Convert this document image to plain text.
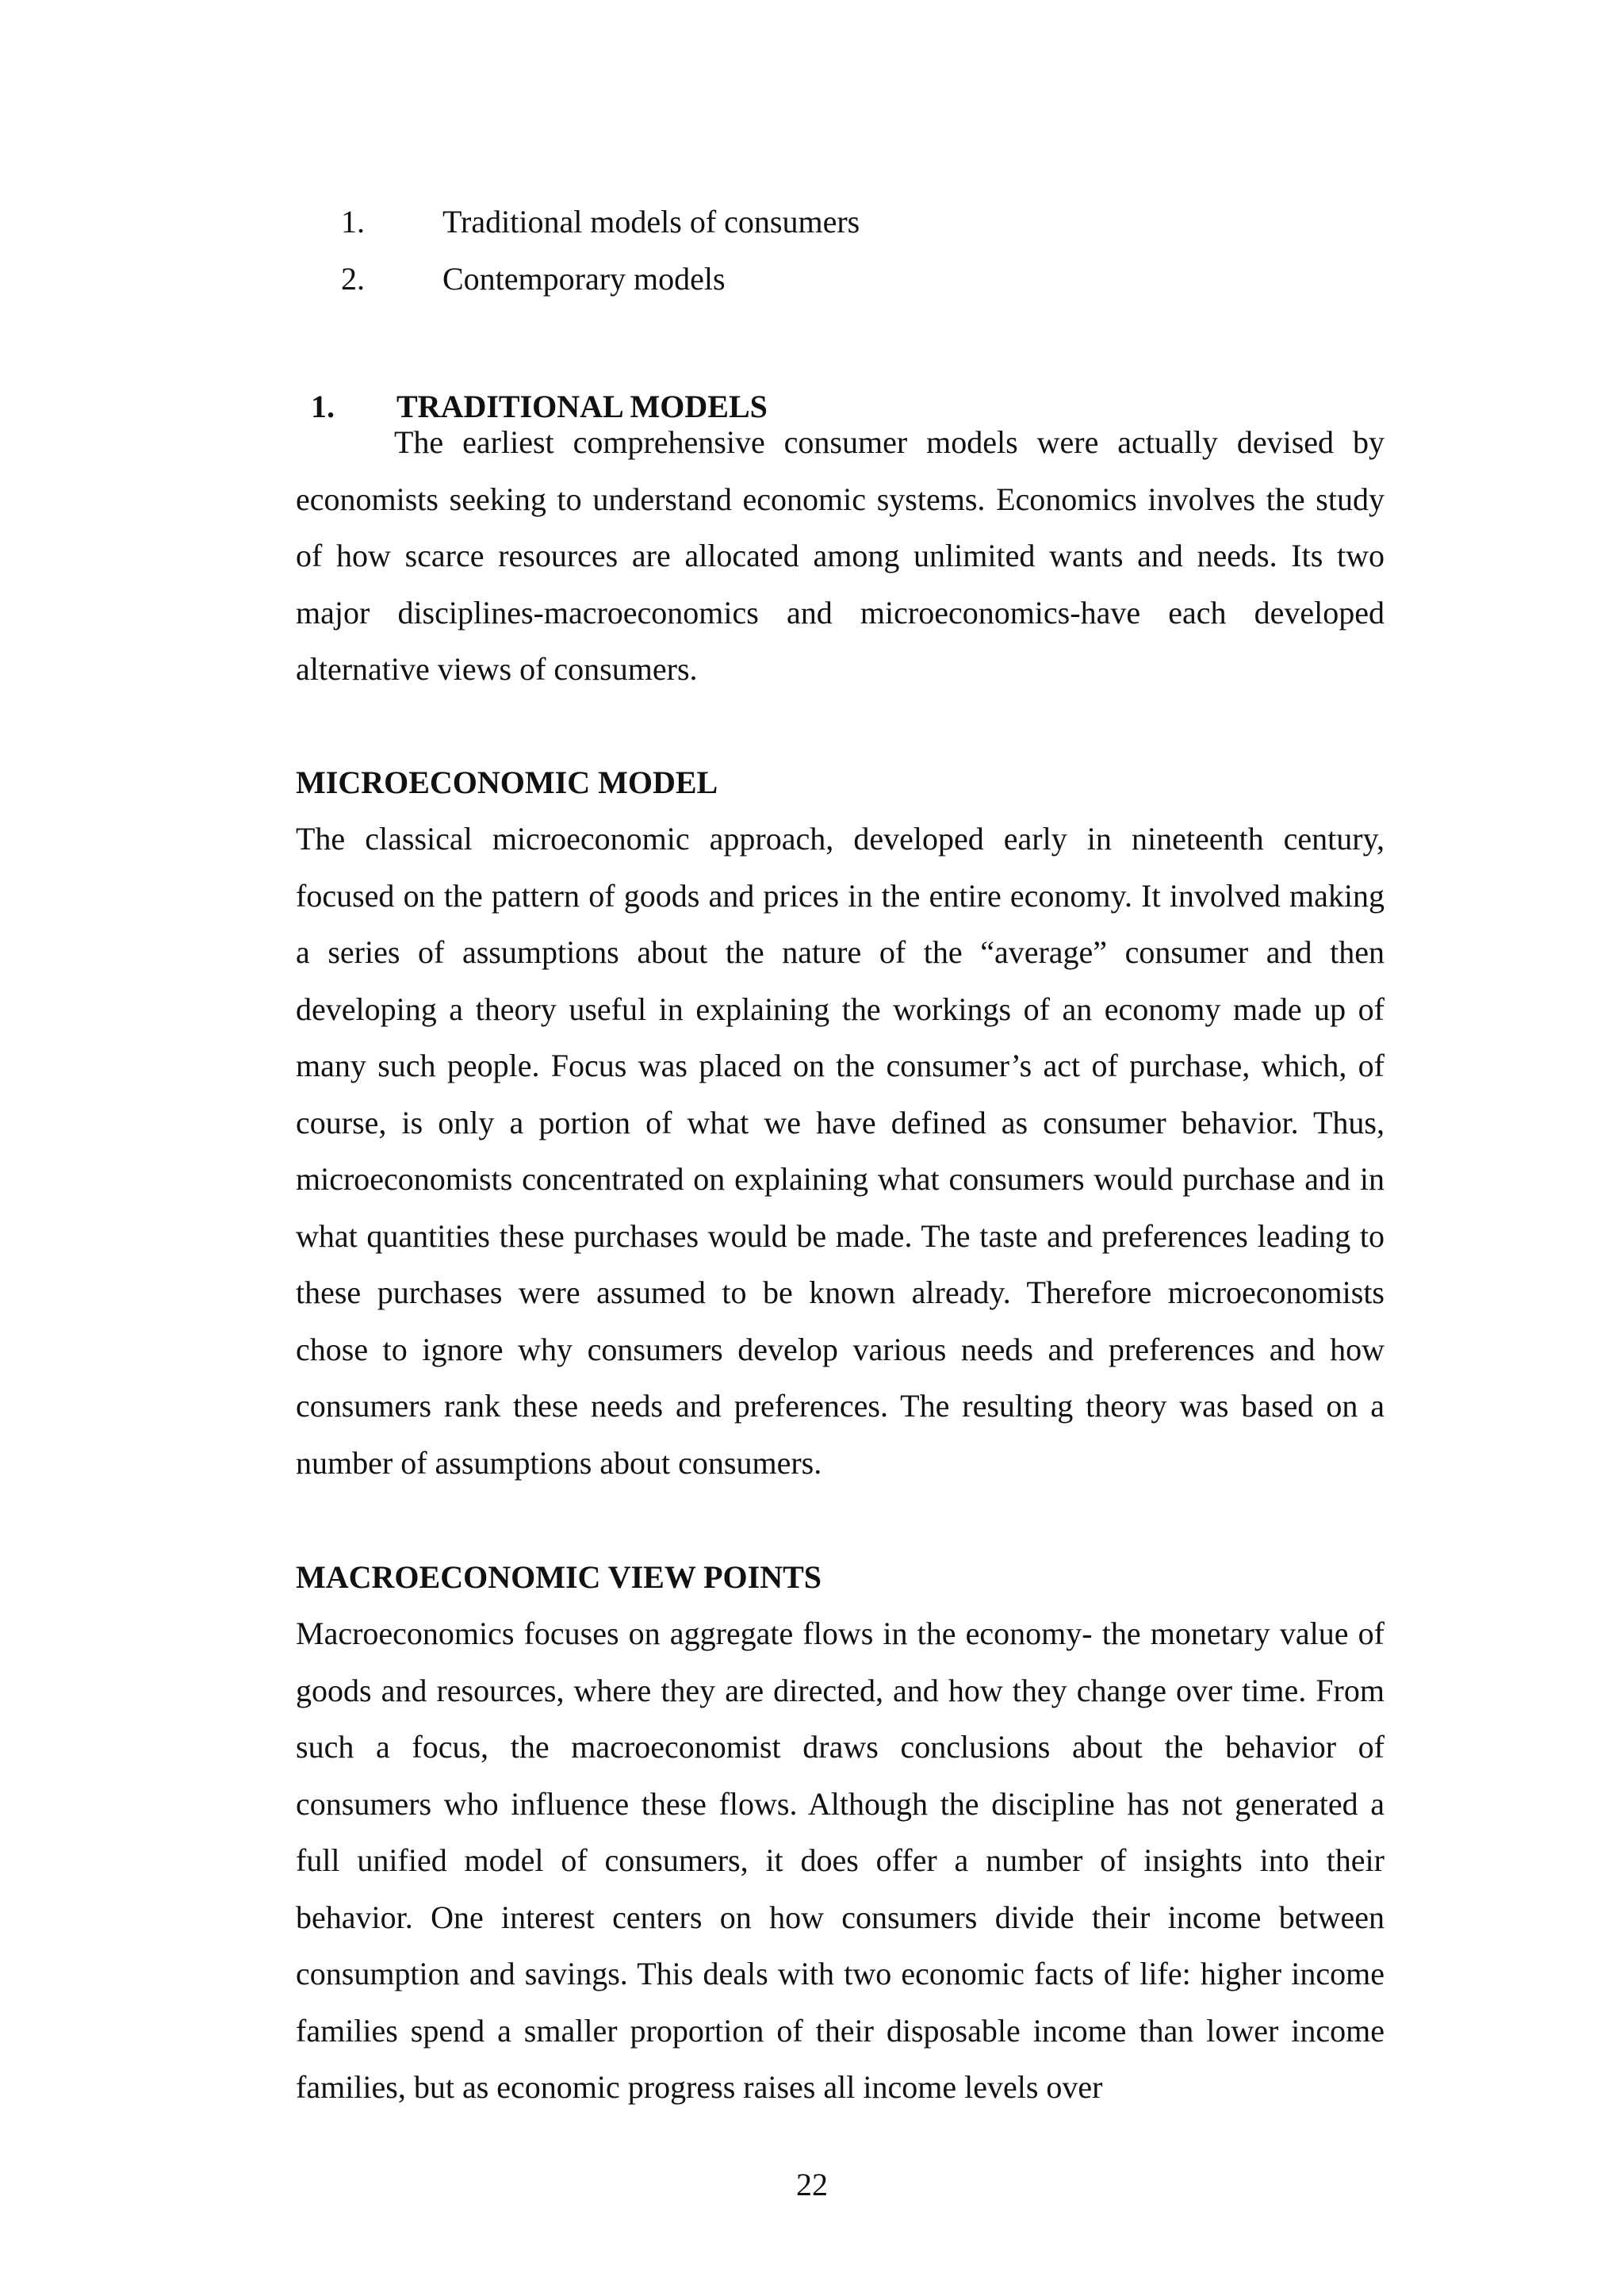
1.	Traditional models of consumers
2.	Contemporary models
1.	TRADITIONAL MODELS

The earliest comprehensive consumer models were actually devised by economists seeking to understand economic systems. Economics involves the study of how scarce resources are allocated among unlimited wants and needs. Its two major disciplines-macroeconomics and microeconomics-have each developed alternative views of consumers.

MICROECONOMIC MODEL

The classical microeconomic approach, developed early in nineteenth century, focused on the pattern of goods and prices in the entire economy. It involved making a series of assumptions about the nature of the “average” consumer and then developing a theory useful in explaining the workings of an economy made up of many such people. Focus was placed on the consumer’s act of purchase, which, of course, is only a portion of what we have defined as consumer behavior. Thus, microeconomists concentrated on explaining what consumers would purchase and in what quantities these purchases would be made. The taste and preferences leading to these purchases were assumed to be known already. Therefore microeconomists chose to ignore why consumers develop various needs and preferences and how consumers rank these needs and preferences. The resulting theory was based on a number of assumptions about consumers.

MACROECONOMIC VIEW POINTS

Macroeconomics focuses on aggregate flows in the economy- the monetary value of goods and resources, where they are directed, and how they change over time. From such a focus, the macroeconomist draws conclusions about the behavior of consumers who influence these flows. Although the discipline has not generated a full unified model of consumers, it does offer a number of insights into their behavior. One interest centers on how consumers divide their income between consumption and savings. This deals with two economic facts of life: higher income families spend a smaller proportion of their disposable income than lower income families, but as economic progress raises all income levels over

22
